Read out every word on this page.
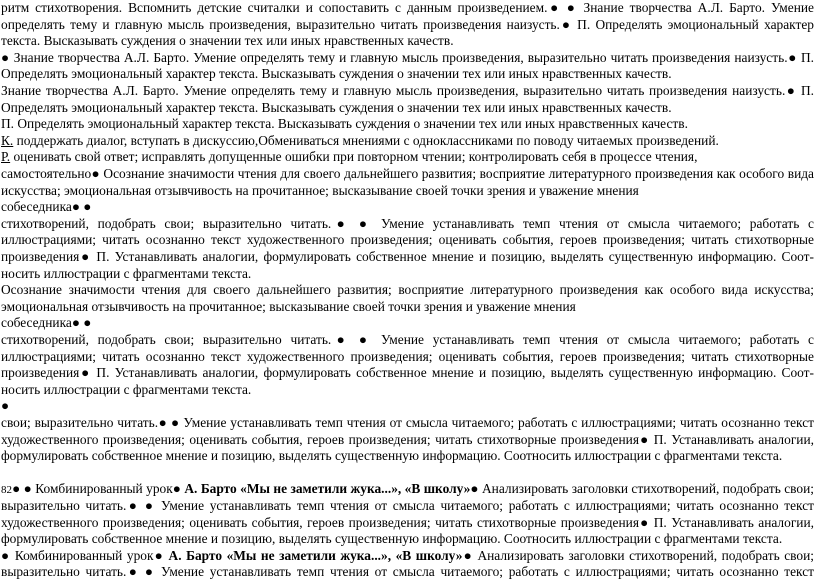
ритм стихотворения. Вспомнить детские считалки и сопоставить с данным произведением.● ● Знание творчества А.Л. Барто. Умение
определять тему и главную мысль произведения, выразительно читать произведения наизусть.● П. Определять эмоциональный характер
текста. Высказывать суждения о значении тех или иных нравственных качеств.
● Знание творчества А.Л. Барто. Умение определять тему и главную мысль произведения, выразительно читать произведения наизусть.● П.
Определять эмоциональный характер текста. Высказывать суждения о значении тех или иных нравственных качеств.
Знание творчества А.Л. Барто. Умение определять тему и главную мысль произведения, выразительно читать произведения наизусть.● П.
Определять эмоциональный характер текста. Высказывать суждения о значении тех или иных нравственных качеств.
П. Определять эмоциональный характер текста. Высказывать суждения о значении тех или иных нравственных качеств.
К. поддержать диалог, вступать в дискуссию,Обмениваться мнениями с одноклассниками по поводу читаемых произведений.
Р. оценивать свой ответ; исправлять допущенные ошибки при повторном чтении; контролировать себя в процессе чтения,
самостоятельно● Осознание значимости чтения для своего дальнейшего развития; восприятие литературного произведения как особого вида
искусства; эмоциональная отзывчивость на прочитанное; высказывание своей точки зрения и уважение мнения
собеседника● ●
стихотворений, подобрать свои; выразительно читать.● ● Умение устанавливать темп чтения от смысла читаемого; работать с
иллюстрациями; читать осознанно текст художественного произведения; оценивать события, героев произведения; читать стихотворные
произведения● П. Устанавливать аналогии, формулировать собственное мнение и позицию, выделять существенную информацию. Соот-
носить иллюстрации с фрагментами текста.
Осознание значимости чтения для своего дальнейшего развития; восприятие литературного произведения как особого вида искусства;
эмоциональная отзывчивость на прочитанное; высказывание своей точки зрения и уважение мнения
собеседника● ●
стихотворений, подобрать свои; выразительно читать.● ● Умение устанавливать темп чтения от смысла читаемого; работать с
иллюстрациями; читать осознанно текст художественного произведения; оценивать события, героев произведения; читать стихотворные
произведения● П. Устанавливать аналогии, формулировать собственное мнение и позицию, выделять существенную информацию. Соот-
носить иллюстрации с фрагментами текста.
●
свои; выразительно читать.● ● Умение устанавливать темп чтения от смысла читаемого; работать с иллюстрациями; читать осознанно текст
художественного произведения; оценивать события, героев произведения; читать стихотворные произведения● П. Устанавливать аналогии,
формулировать собственное мнение и позицию, выделять существенную информацию. Соотносить иллюстрации с фрагментами текста.
82● ● Комбинированный урок● А. Барто «Мы не заметили жука...», «В школу»● Анализировать заголовки стихотворений, подобрать свои;
выразительно читать.● ● Умение устанавливать темп чтения от смысла читаемого; работать с иллюстрациями; читать осознанно текст
художественного произведения; оценивать события, героев произведения; читать стихотворные произведения● П. Устанавливать аналогии,
формулировать собственное мнение и позицию, выделять существенную информацию. Соотносить иллюстрации с фрагментами текста.
● Комбинированный урок● А. Барто «Мы не заметили жука...», «В школу»● Анализировать заголовки стихотворений, подобрать свои;
выразительно читать.● ● Умение устанавливать темп чтения от смысла читаемого; работать с иллюстрациями; читать осознанно текст
